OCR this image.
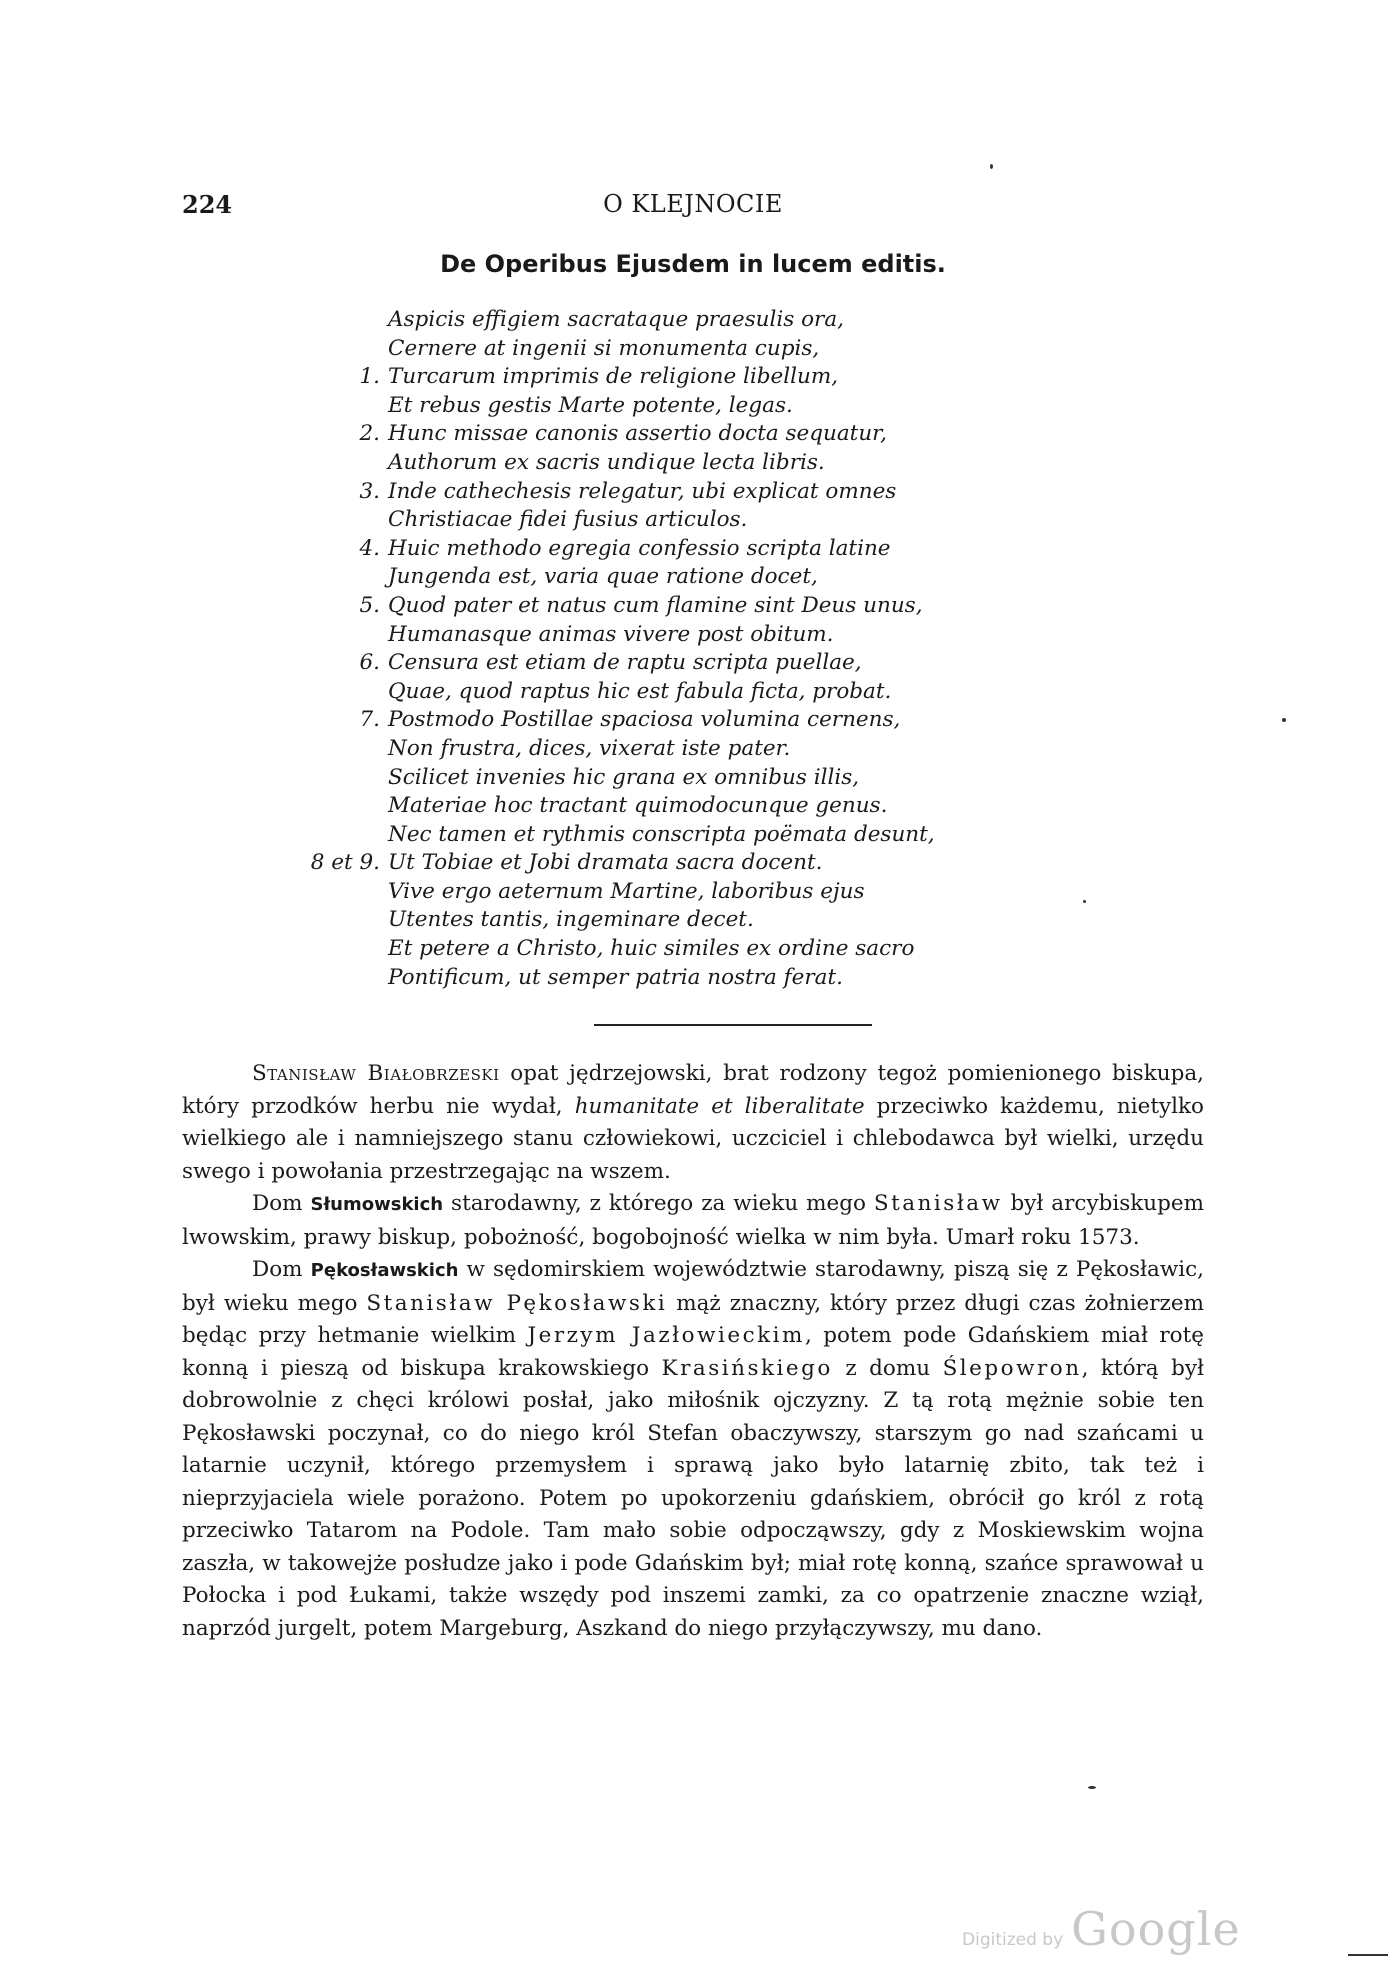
224	O KLEJNOCIE
De Operibus Ejusdem in lucem editis.
Aspicis effigiem sacrataque praesulis ora,
Cernere at ingenii si monumenta cupis,
1. Turcarum imprimis de religione libellum,
Et rebus gestis Marte potente, legas.
2. Hunc missae canonis assertio docta sequatur,
Authorum ex sacris undique lecta libris.
3. Inde cathechesis relegatur, ubi explicat omnes
Christiacae fidei fusius articulos.
4. Huic methodo egregia confessio scripta latine
Jungenda est, varia quae ratione docet,
5. Quod pater et natus cum flamine sint Deus unus,
Humanasque animas vivere post obitum.
6. Censura est etiam de raptu scripta puellae,
Quae, quod raptus hic est fabula ficta, probat.
7. Postmodo Postillae spaciosa volumina cernens,
Non frustra, dices, vixerat iste pater.
Scilicet invenies hic grana ex omnibus illis,
Materiae hoc tractant quimodocunque genus.
Nec tamen et rythmis conscripta poëmata desunt,
8 et 9. Ut Tobiae et Jobi dramata sacra docent.
Vive ergo aeternum Martine, laboribus ejus
Utentes tantis, ingeminare decet.
Et petere a Christo, huic similes ex ordine sacro
Pontificum, ut semper patria nostra ferat.

Stanisław Białobrzeski opat jędrzejowski, brat rodzony tegoż pomienionego biskupa, który przodków herbu nie wydał, humanitate et liberalitate przeciwko każdemu, nietylko wielkiego ale i namniejszego stanu człowiekowi, uczciciel i chlebodawca był wielki, urzędu swego i powołania przestrzegając na wszem.

Dom Słumowskich starodawny, z którego za wieku mego Stanisław był arcybiskupem lwowskim, prawy biskup, pobożność, bogobojność wielka w nim była. Umarł roku 1573.

Dom Pękosławskich w sędomirskiem województwie starodawny, piszą się z Pękosławic, był wieku mego Stanisław Pękosławski mąż znaczny, który przez długi czas żołnierzem będąc przy hetmanie wielkim Jerzym Jazłowieckim, potem pode Gdańskiem miał rotę konną i pieszą od biskupa krakowskiego Krasińskiego z domu Ślepowron, którą był dobrowolnie z chęci królowi posłał, jako miłośnik ojczyzny. Z tą rotą mężnie sobie ten Pękosławski poczynał, co do niego król Stefan obaczywszy, starszym go nad szańcami u latarnie uczynił, którego przemysłem i sprawą jako było latarnię zbito, tak też i nieprzyjaciela wiele porażono. Potem po upokorzeniu gdańskiem, obrócił go król z rotą przeciwko Tatarom na Podole. Tam mało sobie odpocząwszy, gdy z Moskiewskim wojna zaszła, w takowejże posłudze jako i pode Gdańskim był; miał rotę konną, szańce sprawował u Połocka i pod Łukami, także wszędy pod inszemi zamki, za co opatrzenie znaczne wziął, naprzód jurgelt, potem Margeburg, Aszkand do niego przyłączywszy, mu dano.

Digitized by Google
